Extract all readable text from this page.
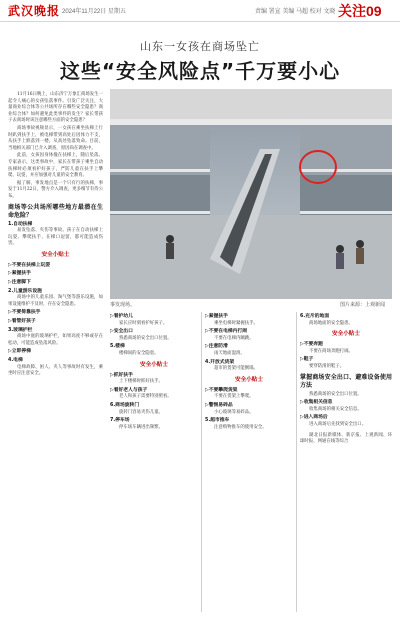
武汉晚报 2024年11月22日 星期五	责编 署宣 美编 马超 校对 文晓 关注09
山东一女孩在商场坠亡
这些“安全风险点”千万要小心

11月16日晚上，山东济宁万象汇商场发生一起令人痛心的女孩坠落事件。引发广泛关注，大量商业综合体等公共场所存在哪些安全隐患？商业综合体？如何避免此类事件的发生？家长带孩子去商场时该注意哪些方面的安全隐患？

商场事故视频显示，一女孩在乘坐扶梯上行时趴到扶手上，被电梯带到高处后因体力不支，从扶手上跌落到一楼。从高处坠落致命。目前，当地相关部门已介入调查，原因尚在调查中。

此前，女孩因身体撞在扶梯上，随后坠落。专家表示，这类事故中，家长在带孩子乘坐自动扶梯时必须看护好孩子，严防儿童在扶手上攀爬、玩耍，并应加强对儿童的安全教育。

据了解，事发地点是一个只有行的扶梯，事发于11月22日，警方介入调查，更多细节有待公布。

商场等公共场所哪些地方最潜在生命危险？
1.自动扶梯

易发坠落、夹伤等事故。孩子在自动扶梯上玩耍、攀爬扶手、在梯口逗留，都可能造成伤害。

安全小贴士
▷不要在扶梯上玩耍
▷紧握扶手
▷注意脚下
2.儿童游乐设施

商场中的儿童乐园、淘气堡等游乐设施，如果设施维护不及时，存在安全隐患。

▷不要倚靠扶手
▷看管好孩子
3.玻璃护栏

商场中庭的玻璃护栏，如果高度不够或存在松动，可能造成坠落风险。

▷立即停梯
4.电梯

电梯故障、困人、夹人等事故时有发生，乘坐时应注意安全。

事发现场。	图片来源：上观新闻
▷看护幼儿

家长应时刻看护好孩子。

▷安全出口

熟悉商场的安全出口位置。

5.楼梯

楼梯间的安全隐患。

安全小贴士
▷抓好扶手

上下楼梯时抓好扶手。

▷看好老人与孩子

老人和孩子需要特别照看。

6.商场旋转门

旋转门容易夹伤儿童。

7.停车场

停车场车辆进出频繁。

▷紧握扶手

乘坐电梯时紧握扶手。

▷不要在电梯内打闹

不要在电梯内蹦跳。

▷注意防滑

雨天地面湿滑。

4.开放式货架

超市的货架可能倒塌。

安全小贴士
▷不要攀爬货架

不要在货架上攀爬。

▷警惕易碎品

小心玻璃等易碎品。

5.超市推车

注意购物推车的使用安全。

6.充斥的地面

商场地面的安全隐患。

安全小贴士
▷不要奔跑

不要在商场奔跑打闹。

▷鞋子

要穿防滑的鞋子。

掌握商场安全出口、避难设备使用方法

熟悉商场的安全出口位置。

▷收集相关信息

收集商场的相关安全信息。

▷进入商场后

进入商场后先找到安全出口。

湖北日报新媒体、新京报、上观新闻、环球时报、网通在线等综合
